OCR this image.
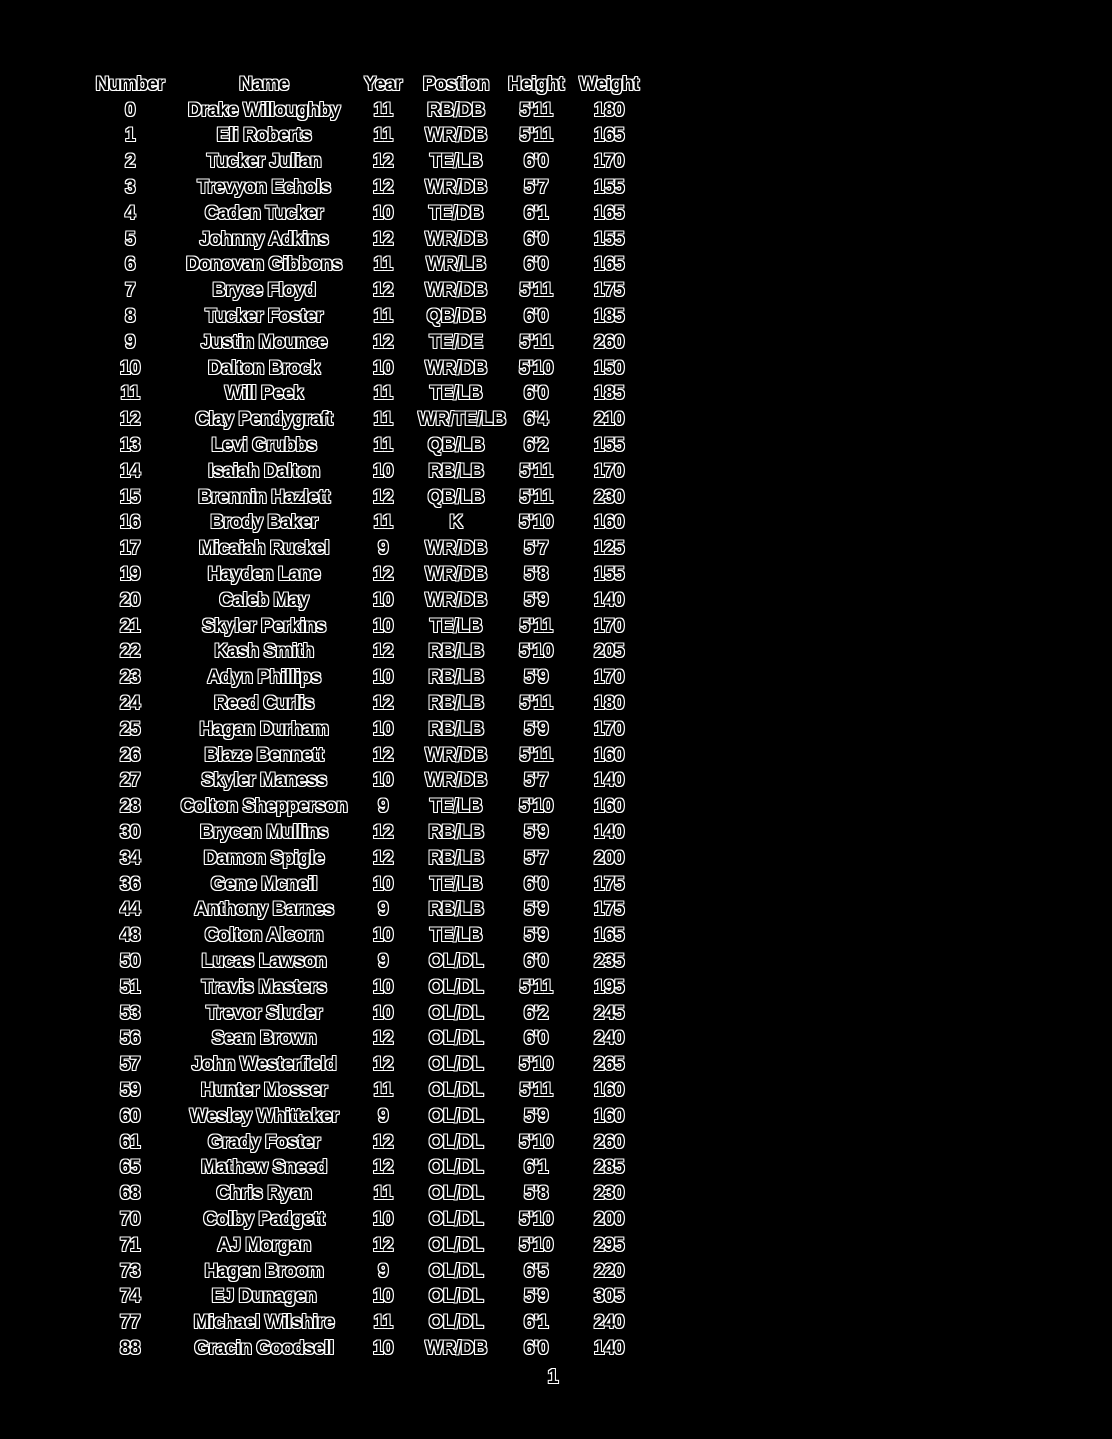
Number	Name	Year	Postion Height Weight
0	Drake Willoughby	11	RB/DB	5'11	180
1	Eli Roberts	11	WR/DB	5'11	165
2	Tucker Julian	12	TE/LB	6'0	170
3	Trevyon Echols	12	WR/DB	5'7	155
4	Caden Tucker	10	TE/DB	6'1	165
5	Johnny Adkins	12	WR/DB	6'0	155
6	Donovan Gibbons	11	WR/LB	6'0	165
7	Bryce Floyd	12	WR/DB	5'11	175
8	Tucker Foster	11	QB/DB	6'0	185
9	Justin Mounce	12	TE/DE	5'11	260
10	Dalton Brock	10	WR/DB	5'10	150
11	Will Peek	11	TE/LB	6'0	185
12	Clay Pendygraft	11	WR/TE/LB 6'4	210
13	Levi Grubbs	11	QB/LB	6'2	155
14	Isaiah Dalton	10	RB/LB	5'11	170
15	Brennin Hazlett	12	QB/LB	5'11	230
16	Brody Baker	11	K	5'10	160
17	Micaiah Ruckel	9	WR/DB	5'7	125
19	Hayden Lane	12	WR/DB	5'8	155
20	Caleb May	10	WR/DB	5'9	140
21	Skyler Perkins	10	TE/LB	5'11	170
22	Kash Smith	12	RB/LB	5'10	205
23	Adyn Phillips	10	RB/LB	5'9	170
24	Reed Curlis	12	RB/LB	5'11	180
25	Hagan Durham	10	RB/LB	5'9	170
26	Blaze Bennett	12	WR/DB	5'11	160
27	Skyler Maness	10	WR/DB	5'7	140
28	Colton Shepperson	9	TE/LB	5'10	160
30	Brycen Mullins	12	RB/LB	5'9	140
34	Damon Spigle	12	RB/LB	5'7	200
36	Gene Mcneil	10	TE/LB	6'0	175
44	Anthony Barnes	9	RB/LB	5'9	175
48	Colton Alcorn	10	TE/LB	5'9	165
50	Lucas Lawson	9	OL/DL	6'0	235
51	Travis Masters	10	OL/DL	5'11	195
53	Trevor Sluder	10	OL/DL	6'2	245
56	Sean Brown	12	OL/DL	6'0	240
57	John Westerfield	12	OL/DL	5'10	265
59	Hunter Mosser	11	OL/DL	5'11	160
60	Wesley Whittaker	9	OL/DL	5'9	160
61	Grady Foster	12	OL/DL	5'10	260
65	Mathew Sneed	12	OL/DL	6'1	285
68	Chris Ryan	11	OL/DL	5'8	230
70	Colby Padgett	10	OL/DL	5'10	200
71	AJ Morgan	12	OL/DL	5'10	295
73	Hagen Broom	9	OL/DL	6'5	220
74	EJ Dunagen	10	OL/DL	5'9	305
77	Michael Wilshire	11	OL/DL	6'1	240
88	Gracin Goodsell	10	WR/DB	6'0	140
1
